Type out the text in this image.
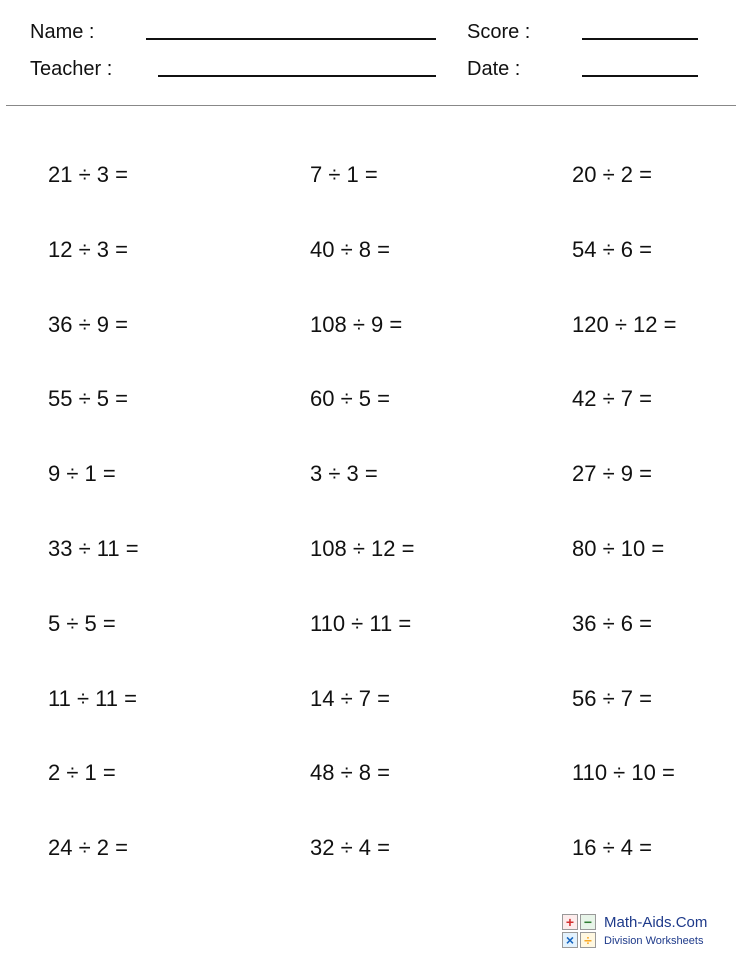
Name :
Teacher :
Score :
Date :
21 ÷ 3 =	7 ÷ 1 =	20 ÷ 2 =
12 ÷ 3 =	40 ÷ 8 =	54 ÷ 6 =
36 ÷ 9 =	108 ÷ 9 =	120 ÷ 12 =
55 ÷ 5 =	60 ÷ 5 =	42 ÷ 7 =
9 ÷ 1 =	3 ÷ 3 =	27 ÷ 9 =
33 ÷ 11 =	108 ÷ 12 =	80 ÷ 10 =
5 ÷ 5 =	110 ÷ 11 =	36 ÷ 6 =
11 ÷ 11 =	14 ÷ 7 =	56 ÷ 7 =
2 ÷ 1 =	48 ÷ 8 =	110 ÷ 10 =
24 ÷ 2 =	32 ÷ 4 =	16 ÷ 4 =
+ −
× ÷
Math-Aids.Com
Division Worksheets
